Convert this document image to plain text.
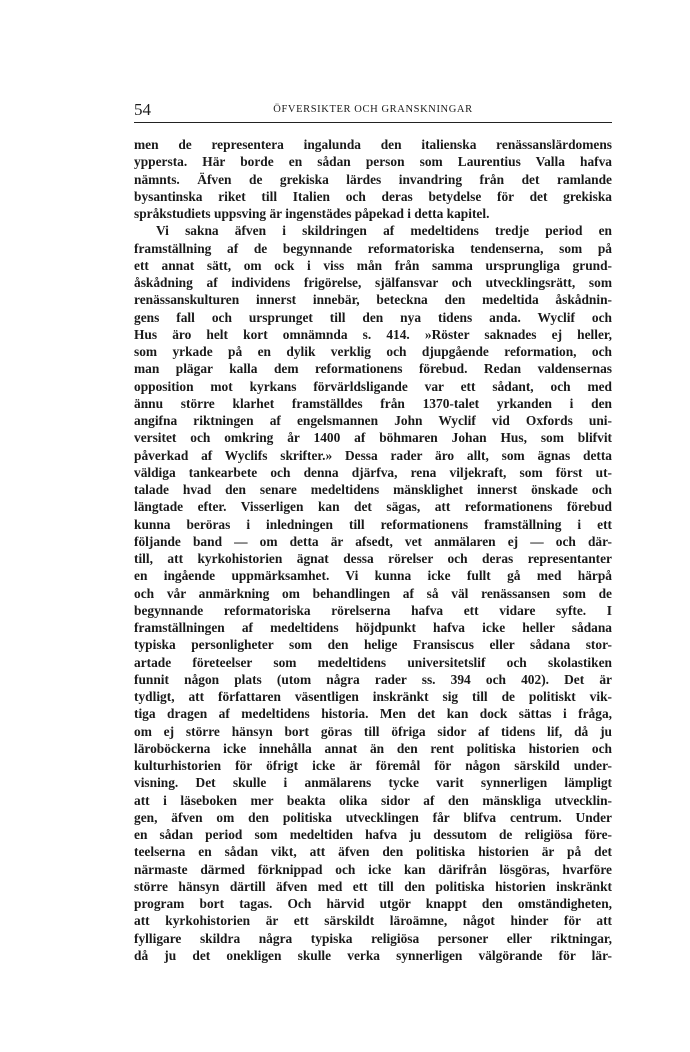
54	ÖFVERSIKTER OCH GRANSKNINGAR
men de representera ingalunda den italienska renässanslärdomens
yppersta. Här borde en sådan person som Laurentius Valla hafva
nämnts. Äfven de grekiska lärdes invandring från det ramlande
bysantinska riket till Italien och deras betydelse för det grekiska
språkstudiets uppsving är ingenstädes påpekad i detta kapitel.
Vi sakna äfven i skildringen af medeltidens tredje period en
framställning af de begynnande reformatoriska tendenserna, som på
ett annat sätt, om ock i viss mån från samma ursprungliga grund-
åskådning af individens frigörelse, själfansvar och utvecklingsrätt, som
renässanskulturen innerst innebär, beteckna den medeltida åskådnin-
gens fall och ursprunget till den nya tidens anda. Wyclif och
Hus äro helt kort omnämnda s. 414. »Röster saknades ej heller,
som yrkade på en dylik verklig och djupgående reformation, och
man plägar kalla dem reformationens förebud. Redan valdensernas
opposition mot kyrkans förvärldsligande var ett sådant, och med
ännu större klarhet framställdes från 1370-talet yrkanden i den
angifna riktningen af engelsmannen John Wyclif vid Oxfords uni-
versitet och omkring år 1400 af böhmaren Johan Hus, som blifvit
påverkad af Wyclifs skrifter.» Dessa rader äro allt, som ägnas detta
väldiga tankearbete och denna djärfva, rena viljekraft, som först ut-
talade hvad den senare medeltidens mänsklighet innerst önskade och
längtade efter. Visserligen kan det sägas, att reformationens förebud
kunna beröras i inledningen till reformationens framställning i ett
följande band — om detta är afsedt, vet anmälaren ej — och där-
till, att kyrkohistorien ägnat dessa rörelser och deras representanter
en ingående uppmärksamhet. Vi kunna icke fullt gå med härpå
och vår anmärkning om behandlingen af så väl renässansen som de
begynnande reformatoriska rörelserna hafva ett vidare syfte. I
framställningen af medeltidens höjdpunkt hafva icke heller sådana
typiska personligheter som den helige Fransiscus eller sådana stor-
artade företeelser som medeltidens universitetslif och skolastiken
funnit någon plats (utom några rader ss. 394 och 402). Det är
tydligt, att författaren väsentligen inskränkt sig till de politiskt vik-
tiga dragen af medeltidens historia. Men det kan dock sättas i fråga,
om ej större hänsyn bort göras till öfriga sidor af tidens lif, då ju
läroböckerna icke innehålla annat än den rent politiska historien och
kulturhistorien för öfrigt icke är föremål för någon särskild under-
visning. Det skulle i anmälarens tycke varit synnerligen lämpligt
att i läseboken mer beakta olika sidor af den mänskliga utvecklin-
gen, äfven om den politiska utvecklingen får blifva centrum. Under
en sådan period som medeltiden hafva ju dessutom de religiösa före-
teelserna en sådan vikt, att äfven den politiska historien är på det
närmaste därmed förknippad och icke kan därifrån lösgöras, hvarföre
större hänsyn därtill äfven med ett till den politiska historien inskränkt
program bort tagas. Och härvid utgör knappt den omständigheten,
att kyrkohistorien är ett särskildt läroämne, något hinder för att
fylligare skildra några typiska religiösa personer eller riktningar,
då ju det onekligen skulle verka synnerligen välgörande för lär-
